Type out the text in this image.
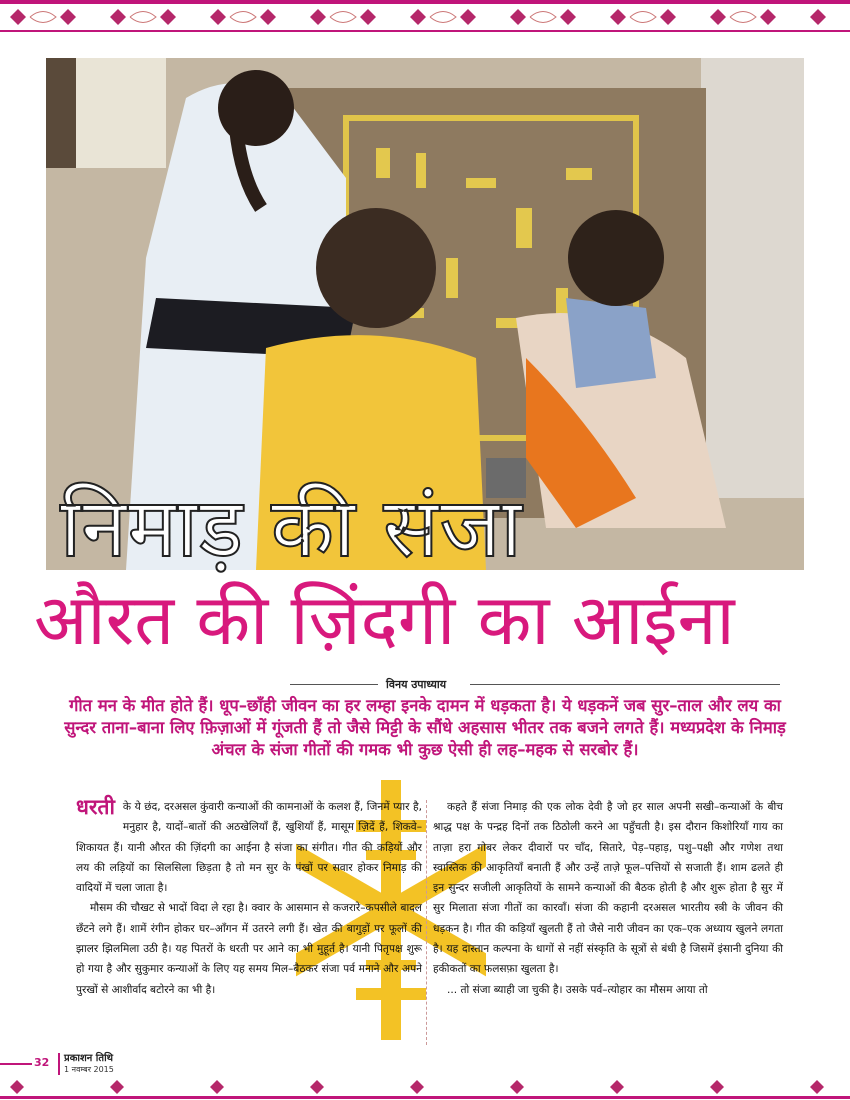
निमाड़ की संजा
औरत की ज़िंदगी का आईना
विनय उपाध्याय
गीत मन के मीत होते हैं। धूप–छाँही जीवन का हर लम्हा इनके दामन में धड़कता है। ये धड़कनें जब सुर–ताल और लय का सुन्दर ताना–बाना लिए फ़िज़ाओं में गूंजती हैं तो जैसे मिट्टी के सौंधे अहसास भीतर तक बजने लगते हैं। मध्यप्रदेश के निमाड़ अंचल के संजा गीतों की गमक भी कुछ ऐसी ही लह–महक से सरबोर हैं।

धरती के ये छंद, दरअसल कुंवारी कन्याओं की कामनाओं के कलश हैं, जिनमें प्यार है, मनुहार है, यादों–बातों की अठखेलियाँ हैं, खुशियाँ हैं, मासूम ज़िदें हैं, शिकवे–शिकायत हैं। यानी औरत की ज़िंदगी का आईना है संजा का संगीत। गीत की कड़ियों और लय की लड़ियों का सिलसिला छिड़ता है तो मन सुर के पंखों पर सवार होकर निमाड़ की वादियों में चला जाता है।

मौसम की चौखट से भादों विदा ले रहा है। क्वार के आसमान से कजरारे–कपसीले बादल छँटने लगे हैं। शामें रंगीन होकर घर–आँगन में उतरने लगी हैं। खेत की बागुड़ों पर फूलों की झालर झिलमिला उठी है। यह पितरों के धरती पर आने का भी मुहूर्त है। यानी पितृपक्ष शुरू हो गया है और सुकुमार कन्याओं के लिए यह समय मिल–बैठकर संजा पर्व मनाने और अपने पुरखों से आशीर्वाद बटोरने का भी है।

कहते हैं संजा निमाड़ की एक लोक देवी है जो हर साल अपनी सखी–कन्याओं के बीच श्राद्ध पक्ष के पन्द्रह दिनों तक ठिठोली करने आ पहुँचती है। इस दौरान किशोरियाँ गाय का ताज़ा हरा गोबर लेकर दीवारों पर चाँद, सितारे, पेड़–पहाड़, पशु–पक्षी और गणेश तथा स्वास्तिक की आकृतियाँ बनाती हैं और उन्हें ताज़े फूल–पत्तियों से सजाती हैं। शाम ढलते ही इन सुन्दर सजीली आकृतियों के सामने कन्याओं की बैठक होती है और शुरू होता है सुर में सुर मिलाता संजा गीतों का कारवाँ। संजा की कहानी दरअसल भारतीय स्त्री के जीवन की धड़कन है। गीत की कड़ियाँ खुलती हैं तो जैसे नारी जीवन का एक–एक अध्याय खुलने लगता है। यह दास्तान कल्पना के धागों से नहीं संस्कृति के सूत्रों से बंधी है जिसमें इंसानी दुनिया की हकीकतों का फलसफ़ा खुलता है।

... तो संजा ब्याही जा चुकी है। उसके पर्व–त्योहार का मौसम आया तो

32 प्रकाशन तिथि
1 नवम्बर 2015
